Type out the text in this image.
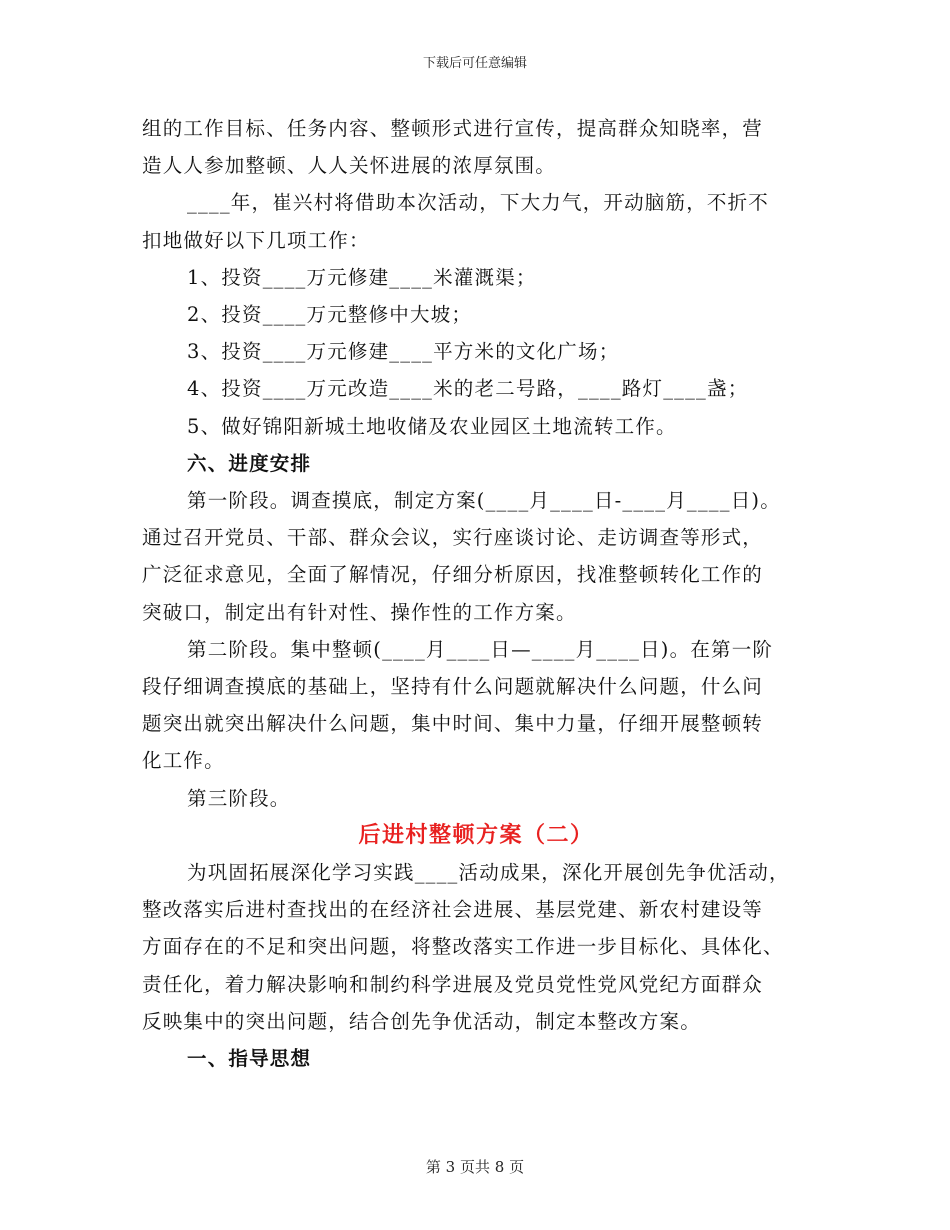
下载后可任意编辑

组的工作目标、任务内容、整顿形式进行宣传，提高群众知晓率，营

造人人参加整顿、人人关怀进展的浓厚氛围。

____年，崔兴村将借助本次活动，下大力气，开动脑筋，不折不

扣地做好以下几项工作：

1、投资____万元修建____米灌溉渠；

2、投资____万元整修中大坡；

3、投资____万元修建____平方米的文化广场；

4、投资____万元改造____米的老二号路，____路灯____盏；

5、做好锦阳新城土地收储及农业园区土地流转工作。

六、进度安排

第一阶段。调查摸底，制定方案(____月____日-____月____日)。

通过召开党员、干部、群众会议，实行座谈讨论、走访调查等形式，

广泛征求意见，全面了解情况，仔细分析原因，找准整顿转化工作的

突破口，制定出有针对性、操作性的工作方案。

第二阶段。集中整顿(____月____日—____月____日)。在第一阶

段仔细调查摸底的基础上，坚持有什么问题就解决什么问题，什么问

题突出就突出解决什么问题，集中时间、集中力量，仔细开展整顿转

化工作。

第三阶段。

后进村整顿方案（二）

为巩固拓展深化学习实践____活动成果，深化开展创先争优活动，

整改落实后进村查找出的在经济社会进展、基层党建、新农村建设等

方面存在的不足和突出问题，将整改落实工作进一步目标化、具体化、

责任化，着力解决影响和制约科学进展及党员党性党风党纪方面群众

反映集中的突出问题，结合创先争优活动，制定本整改方案。

一、指导思想

第 3 页共 8 页
